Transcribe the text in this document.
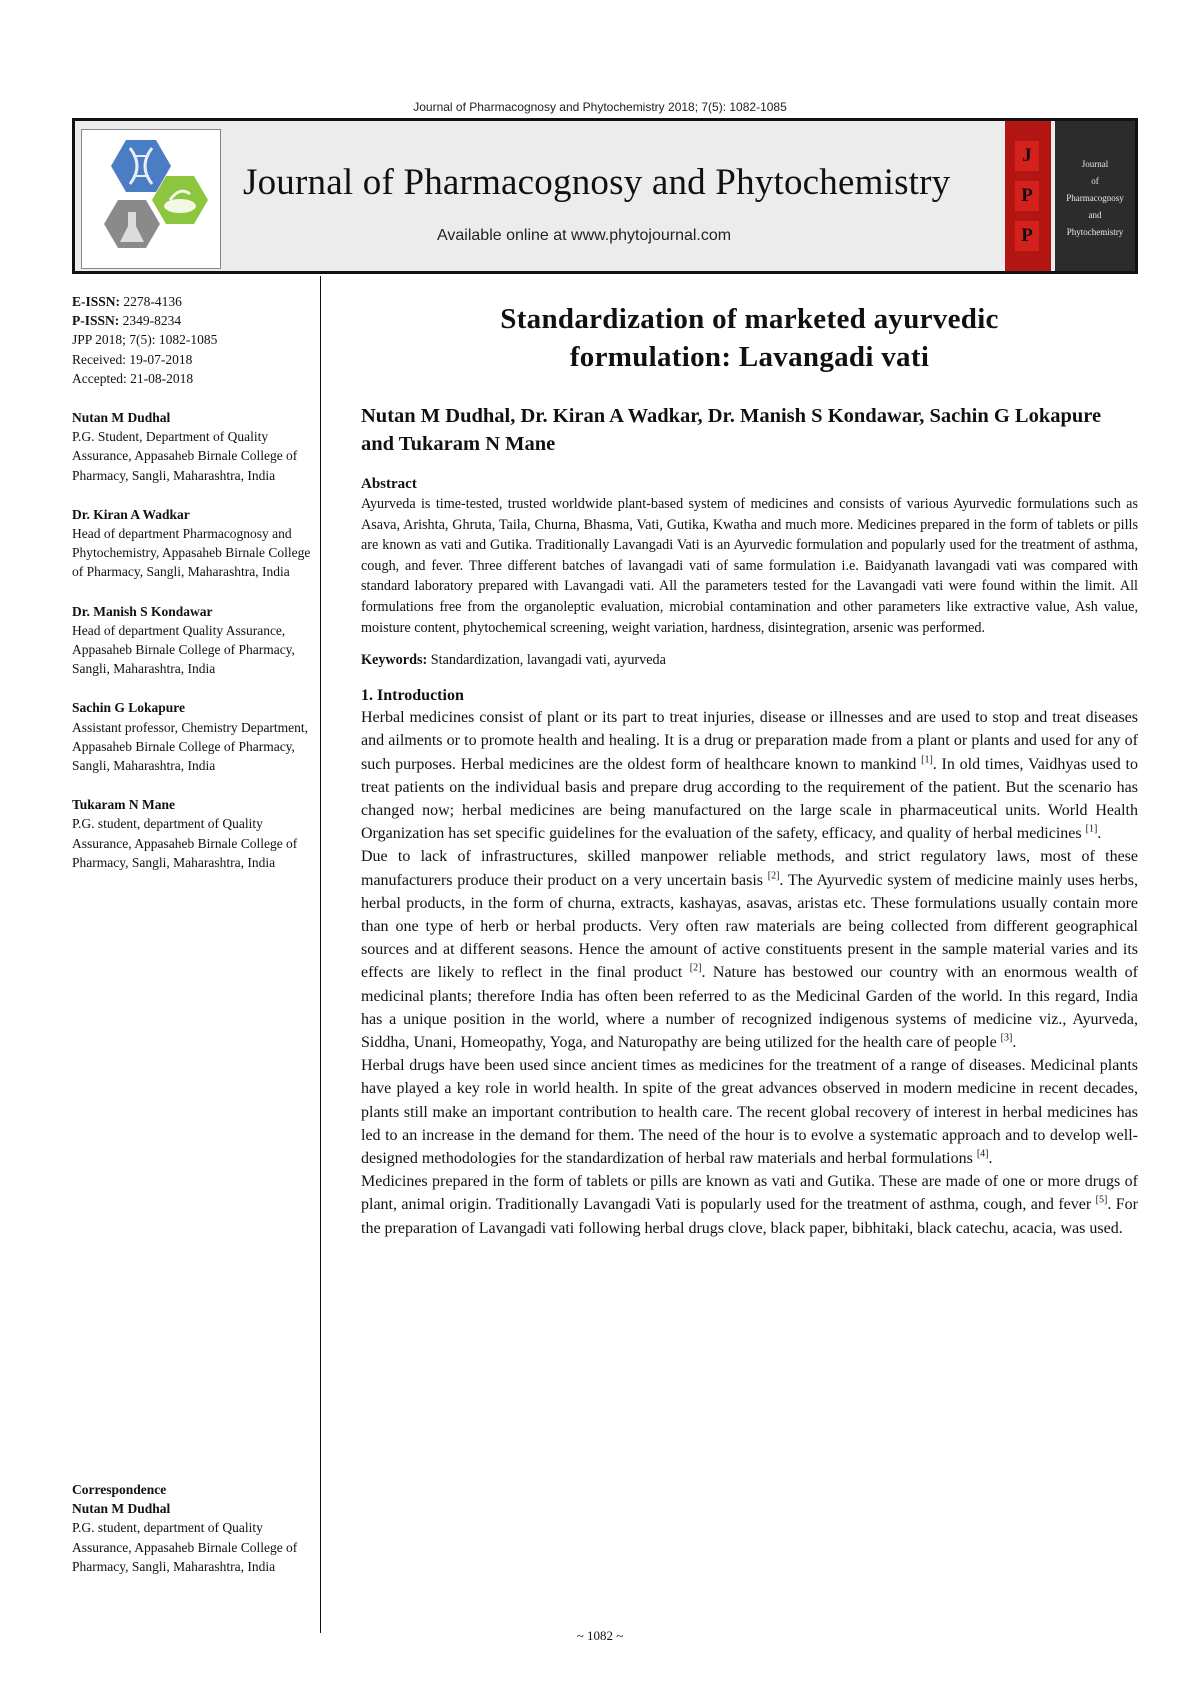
Journal of Pharmacognosy and Phytochemistry 2018; 7(5): 1082-1085
Journal of Pharmacognosy and Phytochemistry
Available online at www.phytojournal.com
J
P
P
Journal
of
Pharmacognosy
and
Phytochemistry
E-ISSN: 2278-4136
P-ISSN: 2349-8234
JPP 2018; 7(5): 1082-1085
Received: 19-07-2018
Accepted: 21-08-2018
Nutan M Dudhal
P.G. Student, Department of Quality Assurance, Appasaheb Birnale College of Pharmacy, Sangli, Maharashtra, India
Dr. Kiran A Wadkar
Head of department Pharmacognosy and Phytochemistry, Appasaheb Birnale College of Pharmacy, Sangli, Maharashtra, India
Dr. Manish S Kondawar
Head of department Quality Assurance, Appasaheb Birnale College of Pharmacy, Sangli, Maharashtra, India
Sachin G Lokapure
Assistant professor, Chemistry Department, Appasaheb Birnale College of Pharmacy, Sangli, Maharashtra, India
Tukaram N Mane
P.G. student, department of Quality Assurance, Appasaheb Birnale College of Pharmacy, Sangli, Maharashtra, India
Correspondence
Nutan M Dudhal
P.G. student, department of Quality Assurance, Appasaheb Birnale College of Pharmacy, Sangli, Maharashtra, India
Standardization of marketed ayurvedic
formulation: Lavangadi vati
Nutan M Dudhal, Dr. Kiran A Wadkar, Dr. Manish S Kondawar, Sachin G Lokapure and Tukaram N Mane
Abstract
Ayurveda is time-tested, trusted worldwide plant-based system of medicines and consists of various Ayurvedic formulations such as Asava, Arishta, Ghruta, Taila, Churna, Bhasma, Vati, Gutika, Kwatha and much more. Medicines prepared in the form of tablets or pills are known as vati and Gutika. Traditionally Lavangadi Vati is an Ayurvedic formulation and popularly used for the treatment of asthma, cough, and fever. Three different batches of lavangadi vati of same formulation i.e. Baidyanath lavangadi vati was compared with standard laboratory prepared with Lavangadi vati. All the parameters tested for the Lavangadi vati were found within the limit. All formulations free from the organoleptic evaluation, microbial contamination and other parameters like extractive value, Ash value, moisture content, phytochemical screening, weight variation, hardness, disintegration, arsenic was performed.
Keywords: Standardization, lavangadi vati, ayurveda
1. Introduction
Herbal medicines consist of plant or its part to treat injuries, disease or illnesses and are used to stop and treat diseases and ailments or to promote health and healing. It is a drug or preparation made from a plant or plants and used for any of such purposes. Herbal medicines are the oldest form of healthcare known to mankind [1]. In old times, Vaidhyas used to treat patients on the individual basis and prepare drug according to the requirement of the patient. But the scenario has changed now; herbal medicines are being manufactured on the large scale in pharmaceutical units. World Health Organization has set specific guidelines for the evaluation of the safety, efficacy, and quality of herbal medicines [1].
Due to lack of infrastructures, skilled manpower reliable methods, and strict regulatory laws, most of these manufacturers produce their product on a very uncertain basis [2]. The Ayurvedic system of medicine mainly uses herbs, herbal products, in the form of churna, extracts, kashayas, asavas, aristas etc. These formulations usually contain more than one type of herb or herbal products. Very often raw materials are being collected from different geographical sources and at different seasons. Hence the amount of active constituents present in the sample material varies and its effects are likely to reflect in the final product [2]. Nature has bestowed our country with an enormous wealth of medicinal plants; therefore India has often been referred to as the Medicinal Garden of the world. In this regard, India has a unique position in the world, where a number of recognized indigenous systems of medicine viz., Ayurveda, Siddha, Unani, Homeopathy, Yoga, and Naturopathy are being utilized for the health care of people [3].
Herbal drugs have been used since ancient times as medicines for the treatment of a range of diseases. Medicinal plants have played a key role in world health. In spite of the great advances observed in modern medicine in recent decades, plants still make an important contribution to health care. The recent global recovery of interest in herbal medicines has led to an increase in the demand for them. The need of the hour is to evolve a systematic approach and to develop well-designed methodologies for the standardization of herbal raw materials and herbal formulations [4].
Medicines prepared in the form of tablets or pills are known as vati and Gutika. These are made of one or more drugs of plant, animal origin. Traditionally Lavangadi Vati is popularly used for the treatment of asthma, cough, and fever [5]. For the preparation of Lavangadi vati following herbal drugs clove, black paper, bibhitaki, black catechu, acacia, was used.
~ 1082 ~
